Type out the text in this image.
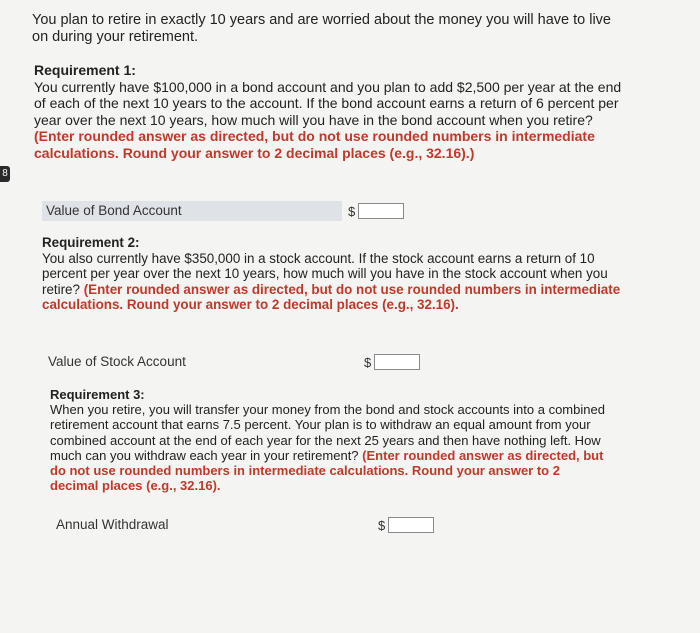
8
You plan to retire in exactly 10 years and are worried about the money you will have to live on during your retirement.
Requirement 1:
You currently have $100,000 in a bond account and you plan to add $2,500 per year at the end of each of the next 10 years to the account. If the bond account earns a return of 6 percent per year over the next 10 years, how much will you have in the bond account when you retire? (Enter rounded answer as directed, but do not use rounded numbers in intermediate calculations. Round your answer to 2 decimal places (e.g., 32.16).)
Value of Bond Account	$
Requirement 2:
You also currently have $350,000 in a stock account. If the stock account earns a return of 10 percent per year over the next 10 years, how much will you have in the stock account when you retire? (Enter rounded answer as directed, but do not use rounded numbers in intermediate calculations. Round your answer to 2 decimal places (e.g., 32.16).
Value of Stock Account	$
Requirement 3:
When you retire, you will transfer your money from the bond and stock accounts into a combined retirement account that earns 7.5 percent. Your plan is to withdraw an equal amount from your combined account at the end of each year for the next 25 years and then have nothing left. How much can you withdraw each year in your retirement? (Enter rounded answer as directed, but do not use rounded numbers in intermediate calculations. Round your answer to 2 decimal places (e.g., 32.16).
Annual Withdrawal	$
